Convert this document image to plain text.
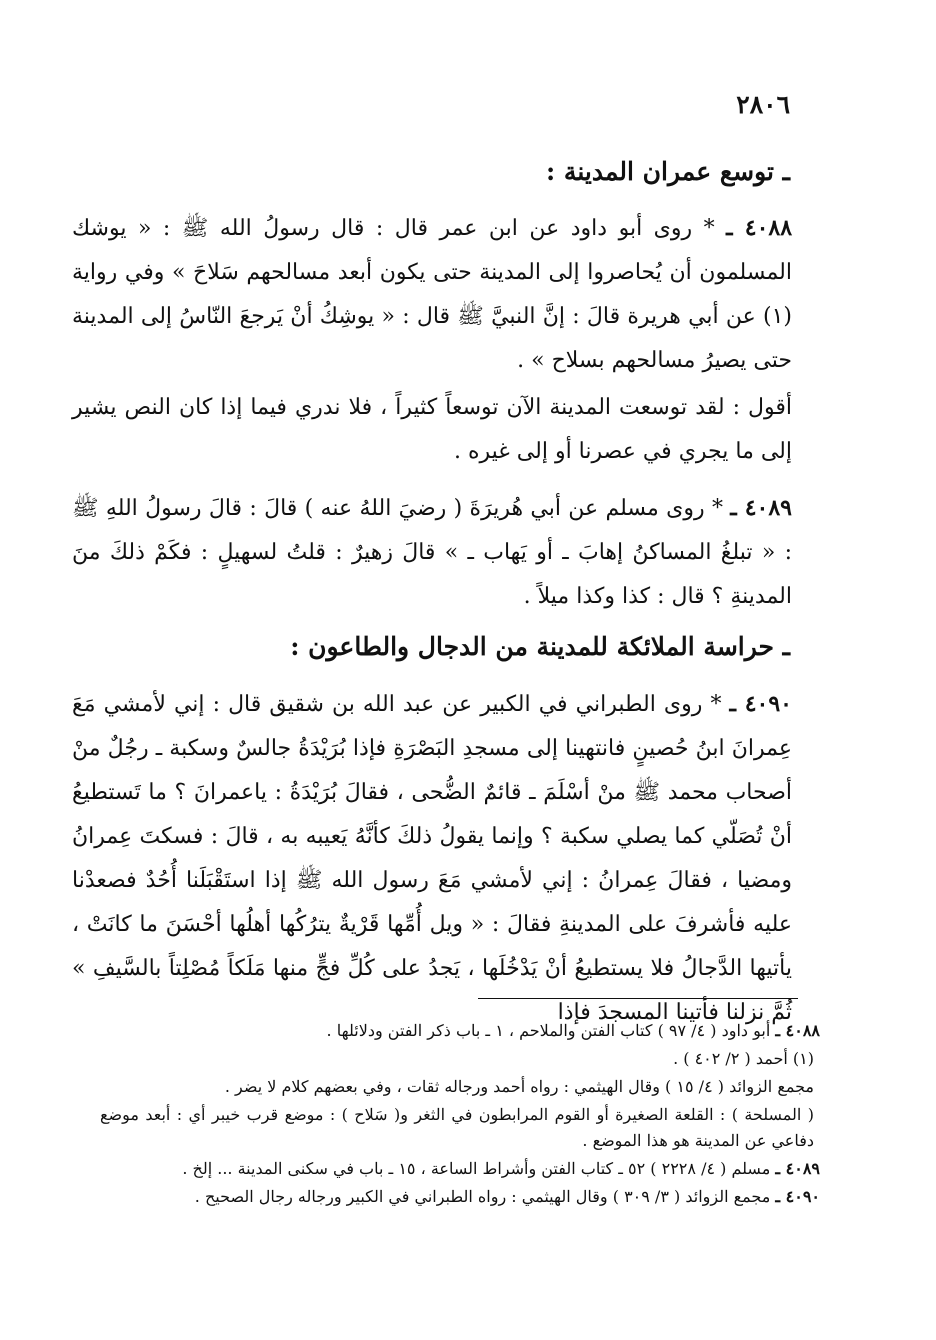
٢٨٠٦
ـ توسع عمران المدينة :
٤٠٨٨ ـ * روى أبو داود عن ابن عمر قال : قال رسولُ الله ﷺ : « يوشك المسلمون أن يُحاصروا إلى المدينة حتى يكون أبعد مسالحهم سَلاحَ » وفي رواية (١) عن أبي هريرة قالَ : إنَّ النبيَّ ﷺ قال : « يوشِكُ أنْ يَرجعَ النّاسُ إلى المدينة حتى يصيرُ مسالحهم بسلاح » .
أقول : لقد توسعت المدينة الآن توسعاً كثيراً ، فلا ندري فيما إذا كان النص يشير إلى ما يجري في عصرنا أو إلى غيره .
٤٠٨٩ ـ * روى مسلم عن أبي هُريرَةَ ( رضيَ اللهُ عنه ) قالَ : قالَ رسولُ اللهِ ﷺ : « تبلغُ المساكنُ إهابَ ـ أو يَهاب ـ » قالَ زهيرٌ : قلتُ لسهيلٍ : فكَمْ ذلكَ منَ المدينةِ ؟ قال : كذا وكذا ميلاً .
ـ حراسة الملائكة للمدينة من الدجال والطاعون :
٤٠٩٠ ـ * روى الطبراني في الكبير عن عبد الله بن شقيق قال : إني لأمشي مَعَ عِمرانَ ابنُ حُصينٍ فانتهينا إلى مسجدِ البَصْرَةِ فإذا بُرَيْدَةُ جالسٌ وسكبة ـ رجُلٌ منْ أصحاب محمد ﷺ منْ أسْلَمَ ـ قائمٌ الضُّحى ، فقالَ بُرَيْدَةُ : ياعمرانَ ؟ ما تَستطيعُ أنْ تُصَلّي كما يصلي سكبة ؟ وإنما يقولُ ذلكَ كأنَّهُ يَعيبه به ، قالَ : فسكتَ عِمرانُ ومضيا ، فقالَ عِمرانُ : إني لأمشي مَعَ رسول الله ﷺ إذا استَقْبَلَنا أُحُدٌ فصعدْنا عليه فأشرفَ على المدينةِ فقالَ : « ويل أُمِّها قَرْيةٌ يترُكُها أهلُها أحْسَنَ ما كانَتْ ، يأتيها الدَّجالُ فلا يستطيعُ أنْ يَدْخُلَها ، يَجدُ على كُلِّ فجٍّ منها مَلَكاً مُصْلِتاً بالسَّيفِ » ثُمَّ نزلنا فأتينا المسجدَ فإذا

٤٠٨٨ ـ أبو داود ( ٤/ ٩٧ ) كتاب الفتن والملاحم ، ١ ـ باب ذكر الفتن ودلائلها .

(١) أحمد ( ٢/ ٤٠٢ ) .

مجمع الزوائد ( ٤/ ١٥ ) وقال الهيثمي : رواه أحمد ورجاله ثقات ، وفي بعضهم كلام لا يضر .

( المسلحة ) : القلعة الصغيرة أو القوم المرابطون في الثغر و( سَلاح ) : موضع قرب خيبر أي : أبعد موضع دفاعي عن المدينة هو هذا الموضع .

٤٠٨٩ ـ مسلم ( ٤/ ٢٢٢٨ ) ٥٢ ـ كتاب الفتن وأشراط الساعة ، ١٥ ـ باب في سكنى المدينة ... إلخ .

٤٠٩٠ ـ مجمع الزوائد ( ٣/ ٣٠٩ ) وقال الهيثمي : رواه الطبراني في الكبير ورجاله رجال الصحيح .
